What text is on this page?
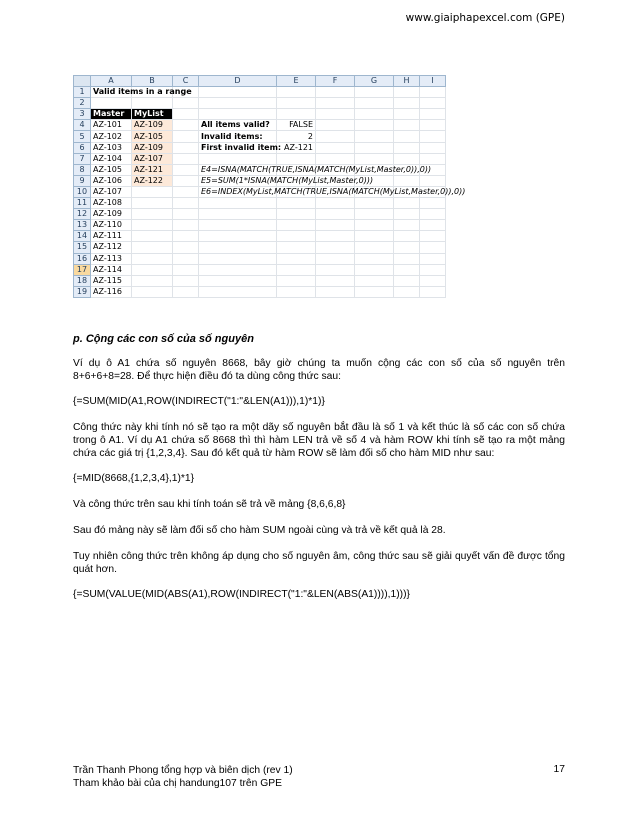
www.giaiphapexcel.com (GPE)
	A	B	C	D	E	F	G	H	I
1	Valid items in a range								
2									
3	Master	MyList							
4	AZ-101	AZ-109		All items valid?	FALSE				
5	AZ-102	AZ-105		Invalid items:	2				
6	AZ-103	AZ-109		First invalid item:	AZ-121				
7	AZ-104	AZ-107							
8	AZ-105	AZ-121		E4=ISNA(MATCH(TRUE,ISNA(MATCH(MyList,Master,0)),0))					
9	AZ-106	AZ-122		E5=SUM(1*ISNA(MATCH(MyList,Master,0)))					
10	AZ-107			E6=INDEX(MyList,MATCH(TRUE,ISNA(MATCH(MyList,Master,0)),0))					
11	AZ-108								
12	AZ-109								
13	AZ-110								
14	AZ-111								
15	AZ-112								
16	AZ-113								
17	AZ-114								
18	AZ-115								
19	AZ-116								
p. Cộng các con số của số nguyên
Ví dụ ô A1 chứa số nguyên 8668, bây giờ chúng ta muốn cộng các con số của số nguyên trên 8+6+6+8=28. Để thực hiện điều đó ta dùng công thức sau:
{=SUM(MID(A1,ROW(INDIRECT("1:"&LEN(A1))),1)*1)}
Công thức này khi tính nó sẽ tạo ra một dãy số nguyên bắt đầu là số 1 và kết thúc là số các con số chứa trong ô A1. Ví dụ A1 chứa số 8668 thì thì hàm LEN trả về số 4 và hàm ROW khi tính sẽ tạo ra một mảng chứa các giá trị {1,2,3,4}. Sau đó kết quả từ hàm ROW sẽ làm đối số cho hàm MID như sau:
{=MID(8668,{1,2,3,4},1)*1}
Và công thức trên sau khi tính toán sẽ trả về mảng {8,6,6,8}
Sau đó mảng này sẽ làm đối số cho hàm SUM ngoài cùng và trả về kết quả là 28.
Tuy nhiên công thức trên không áp dụng cho số nguyên âm, công thức sau sẽ giải quyết vấn đề được tổng quát hơn.
{=SUM(VALUE(MID(ABS(A1),ROW(INDIRECT("1:"&LEN(ABS(A1)))),1)))}
Trần Thanh Phong tổng hợp và biên dịch (rev 1)
Tham khảo bài của chị handung107 trên GPE
17
